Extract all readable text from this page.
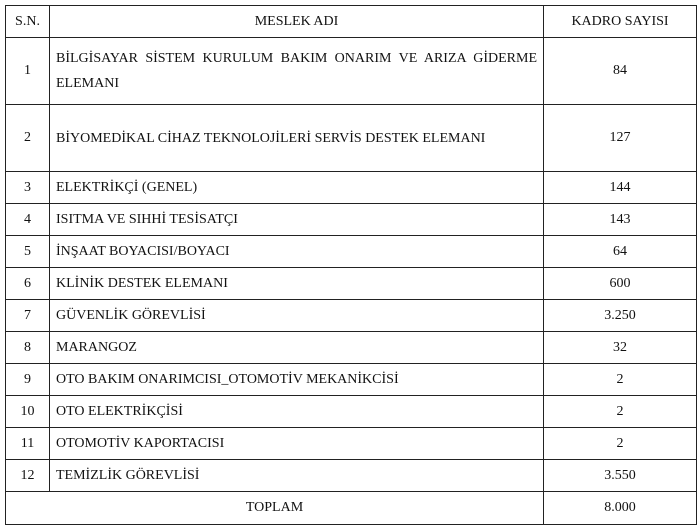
S.N.	MESLEK ADI	KADRO SAYISI
1	BİLGİSAYAR SİSTEM KURULUM BAKIM ONARIM VE ARIZA GİDERME ELEMANI	84
2	BİYOMEDİKAL CİHAZ TEKNOLOJİLERİ SERVİS DESTEK ELEMANI	127
3	ELEKTRİKÇİ (GENEL)	144
4	ISITMA VE SIHHİ TESİSATÇI	143
5	İNŞAAT BOYACISI/BOYACI	64
6	KLİNİK DESTEK ELEMANI	600
7	GÜVENLİK GÖREVLİSİ	3.250
8	MARANGOZ	32
9	OTO BAKIM ONARIMCISI_OTOMOTİV MEKANİKCİSİ	2
10	OTO ELEKTRİKÇİSİ	2
11	OTOMOTİV KAPORTACISI	2
12	TEMİZLİK GÖREVLİSİ	3.550
TOPLAM		8.000
